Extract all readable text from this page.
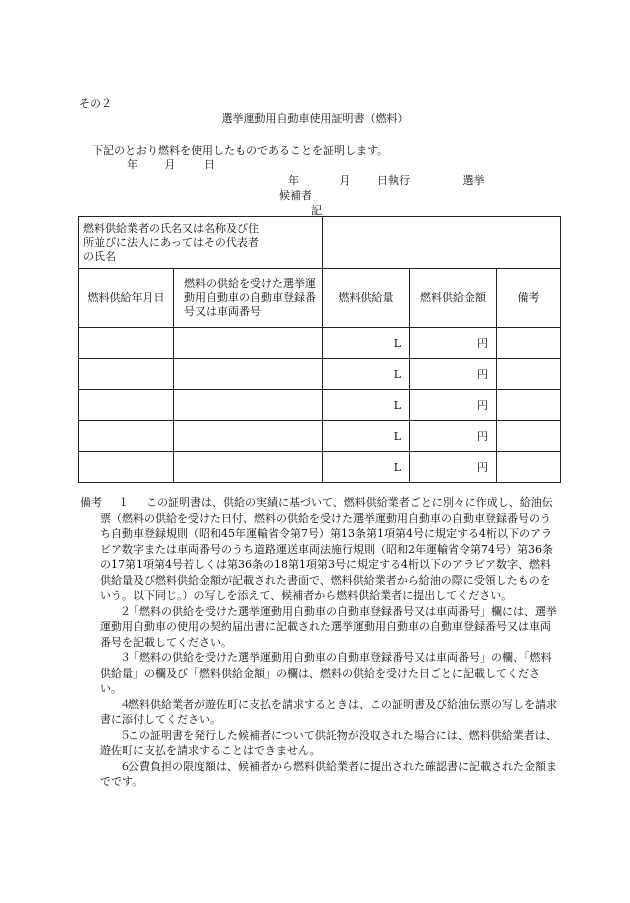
その２
選挙運動用自動車使用証明書（燃料）
下記のとおり燃料を使用したものであることを証明します。
年 月	日
年	月 日執行	選挙
候補者
記
燃料供給業者の氏名又は名称及び住所並びに法人にあってはその代表者の氏名				

燃料供給年月日	燃料の供給を受けた選挙運動用自動車の自動車登録番号又は車両番号	燃料供給量	燃料供給金額	備考
		L	円	
		L	円	
		L	円	
		L	円	
		L	円	
備考 １	この証明書は、供給の実績に基づいて、燃料供給業者ごとに別々に作成し、給油伝票（燃料の供給を受けた日付、燃料の供給を受けた選挙運動用自動車の自動車登録番号のうち自動車登録規則（昭和45年運輸省令第7号）第13条第1項第4号に規定する4桁以下のアラビア数字または車両番号のうち道路運送車両法施行規則（昭和2年運輸省令第74号）第36条の17第1項第4号若しくは第36条の18第1項第3号に規定する4桁以下のアラビア数字、燃料供給量及び燃料供給金額が記載された書面で、燃料供給業者から給油の際に受領したものをいう。以下同じ。）の写しを添えて、候補者から燃料供給業者に提出してください。
２
「燃料の供給を受けた選挙運動用自動車の自動車登録番号又は車両番号」欄には、選挙運動用自動車の使用の契約届出書に記載された選挙運動用自動車の自動車登録番号又は車両番号を記載してください。
３
「燃料の供給を受けた選挙運動用自動車の自動車登録番号又は車両番号」の欄、「燃料供給量」の欄及び「燃料供給金額」の欄は、燃料の供給を受けた日ごとに記載してください。
４
燃料供給業者が遊佐町に支払を請求するときは、この証明書及び給油伝票の写しを請求書に添付してください。
５
この証明書を発行した候補者について供託物が没収された場合には、燃料供給業者は、遊佐町に支払を請求することはできません。
６
公費負担の限度額は、候補者から燃料供給業者に提出された確認書に記載された金額までです。
